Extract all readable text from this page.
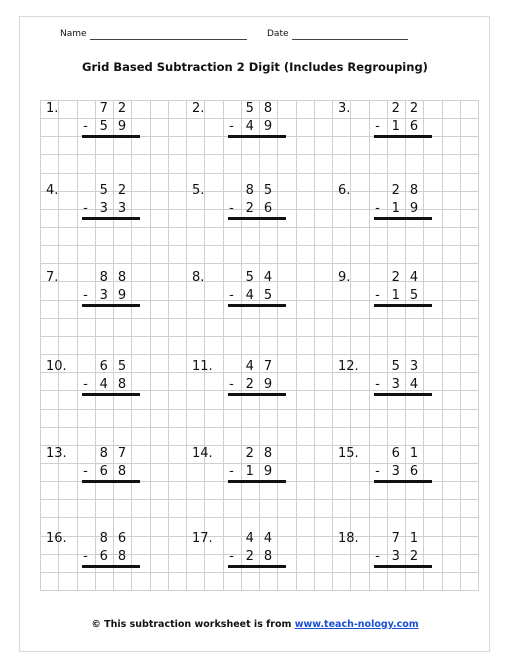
Name	Date
Grid Based Subtraction 2 Digit (Includes Regrouping)
1.	7 2
- 5 9
2.	5 8
- 4 9
3.	2 2
- 1 6
4.	5 2
- 3 3
5.	8 5
- 2 6
6.	2 8
- 1 9
7.	8 8
- 3 9
8.	5 4
- 4 5
9.	2 4
- 1 5
10.	6 5
- 4 8
11.	4 7
- 2 9
12.	5 3
- 3 4
13.	8 7
- 6 8
14.	2 8
- 1 9
15.	6 1
- 3 6
16.	8 6
- 6 8
17.	4 4
- 2 8
18.	7 1
- 3 2
© This subtraction worksheet is from www.teach-nology.com
